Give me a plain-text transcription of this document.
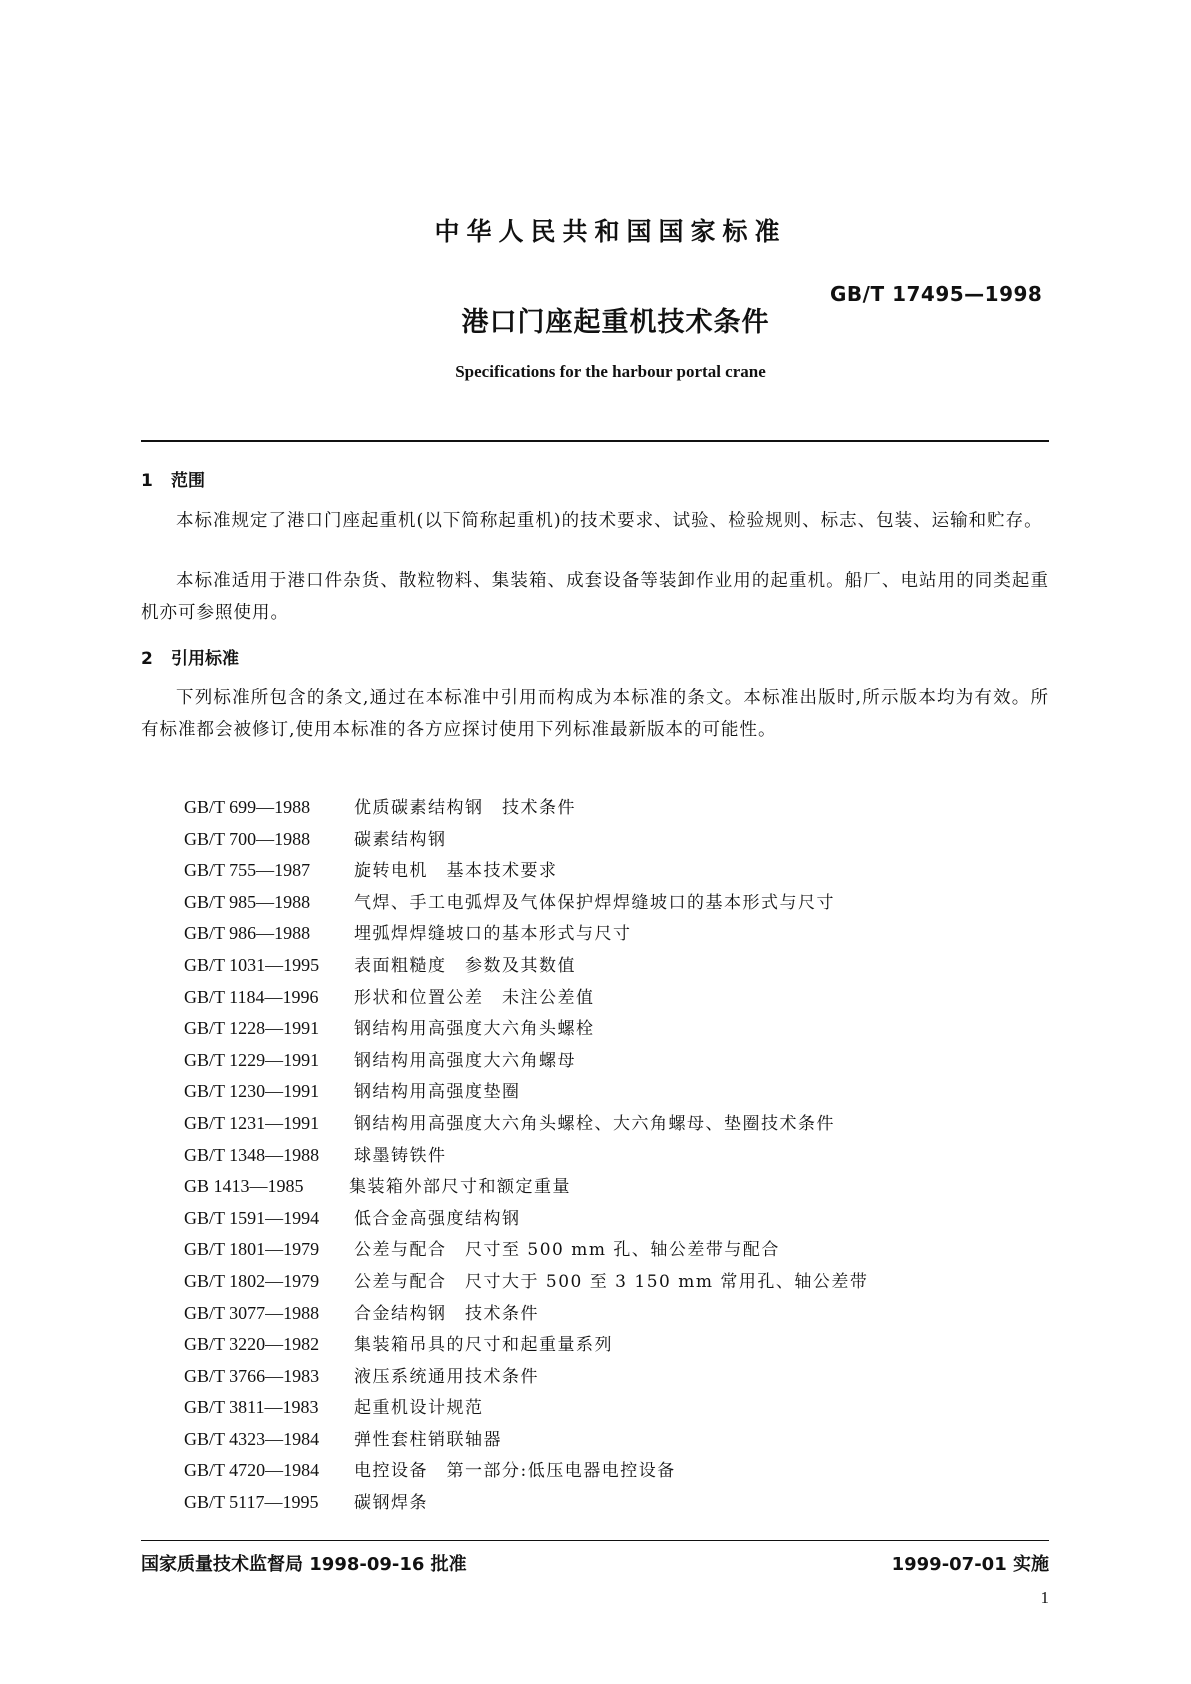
中华人民共和国国家标准
GB/T 17495—1998
港口门座起重机技术条件
Specifications for the harbour portal crane
1 范围
本标准规定了港口门座起重机(以下简称起重机)的技术要求、试验、检验规则、标志、包装、运输和贮存。
本标准适用于港口件杂货、散粒物料、集装箱、成套设备等装卸作业用的起重机。船厂、电站用的同类起重机亦可参照使用。
2 引用标准
下列标准所包含的条文,通过在本标准中引用而构成为本标准的条文。本标准出版时,所示版本均为有效。所有标准都会被修订,使用本标准的各方应探讨使用下列标准最新版本的可能性。
GB/T 699—1988	优质碳素结构钢　技术条件
GB/T 700—1988	碳素结构钢
GB/T 755—1987	旋转电机　基本技术要求
GB/T 985—1988	气焊、手工电弧焊及气体保护焊焊缝坡口的基本形式与尺寸
GB/T 986—1988	埋弧焊焊缝坡口的基本形式与尺寸
GB/T 1031—1995 表面粗糙度　参数及其数值
GB/T 1184—1996 形状和位置公差　未注公差值
GB/T 1228—1991 钢结构用高强度大六角头螺栓
GB/T 1229—1991 钢结构用高强度大六角螺母
GB/T 1230—1991 钢结构用高强度垫圈
GB/T 1231—1991 钢结构用高强度大六角头螺栓、大六角螺母、垫圈技术条件
GB/T 1348—1988 球墨铸铁件
GB 1413—1985	集装箱外部尺寸和额定重量
GB/T 1591—1994 低合金高强度结构钢
GB/T 1801—1979 公差与配合　尺寸至 500 mm 孔、轴公差带与配合
GB/T 1802—1979 公差与配合　尺寸大于 500 至 3 150 mm 常用孔、轴公差带
GB/T 3077—1988 合金结构钢　技术条件
GB/T 3220—1982 集装箱吊具的尺寸和起重量系列
GB/T 3766—1983 液压系统通用技术条件
GB/T 3811—1983 起重机设计规范
GB/T 4323—1984 弹性套柱销联轴器
GB/T 4720—1984 电控设备　第一部分:低压电器电控设备
GB/T 5117—1995 碳钢焊条
国家质量技术监督局 1998-09-16 批准	1999-07-01 实施
1
